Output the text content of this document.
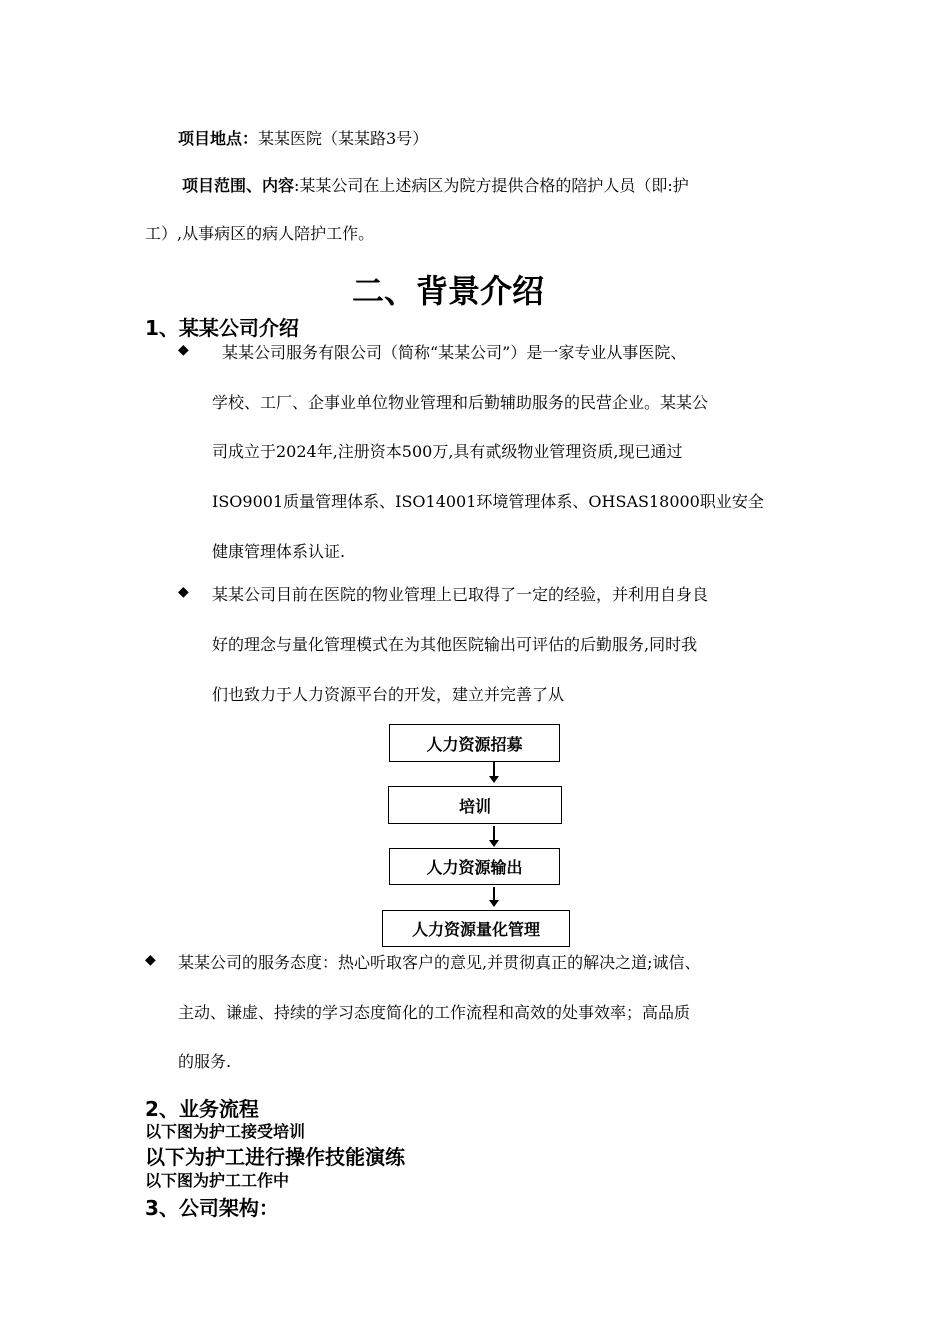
项目地点：某某医院（某某路3号）
项目范围、内容:某某公司在上述病区为院方提供合格的陪护人员（即:护
工）,从事病区的病人陪护工作。
二、背景介绍
1、某某公司介绍
◆ 某某公司服务有限公司（简称“某某公司”）是一家专业从事医院、
学校、工厂、企事业单位物业管理和后勤辅助服务的民营企业。某某公
司成立于2024年,注册资本500万,具有贰级物业管理资质,现已通过
ISO9001质量管理体系、ISO14001环境管理体系、OHSAS18000职业安全
健康管理体系认证.
◆ 某某公司目前在医院的物业管理上已取得了一定的经验，并利用自身良
好的理念与量化管理模式在为其他医院输出可评估的后勤服务,同时我
们也致力于人力资源平台的开发，建立并完善了从
人力资源招募
培训
人力资源输出
人力资源量化管理
◆ 某某公司的服务态度：热心听取客户的意见,并贯彻真正的解决之道;诚信、
主动、谦虚、持续的学习态度简化的工作流程和高效的处事效率；高品质
的服务.
2、业务流程
以下图为护工接受培训
以下为护工进行操作技能演练
以下图为护工工作中
3、公司架构：
